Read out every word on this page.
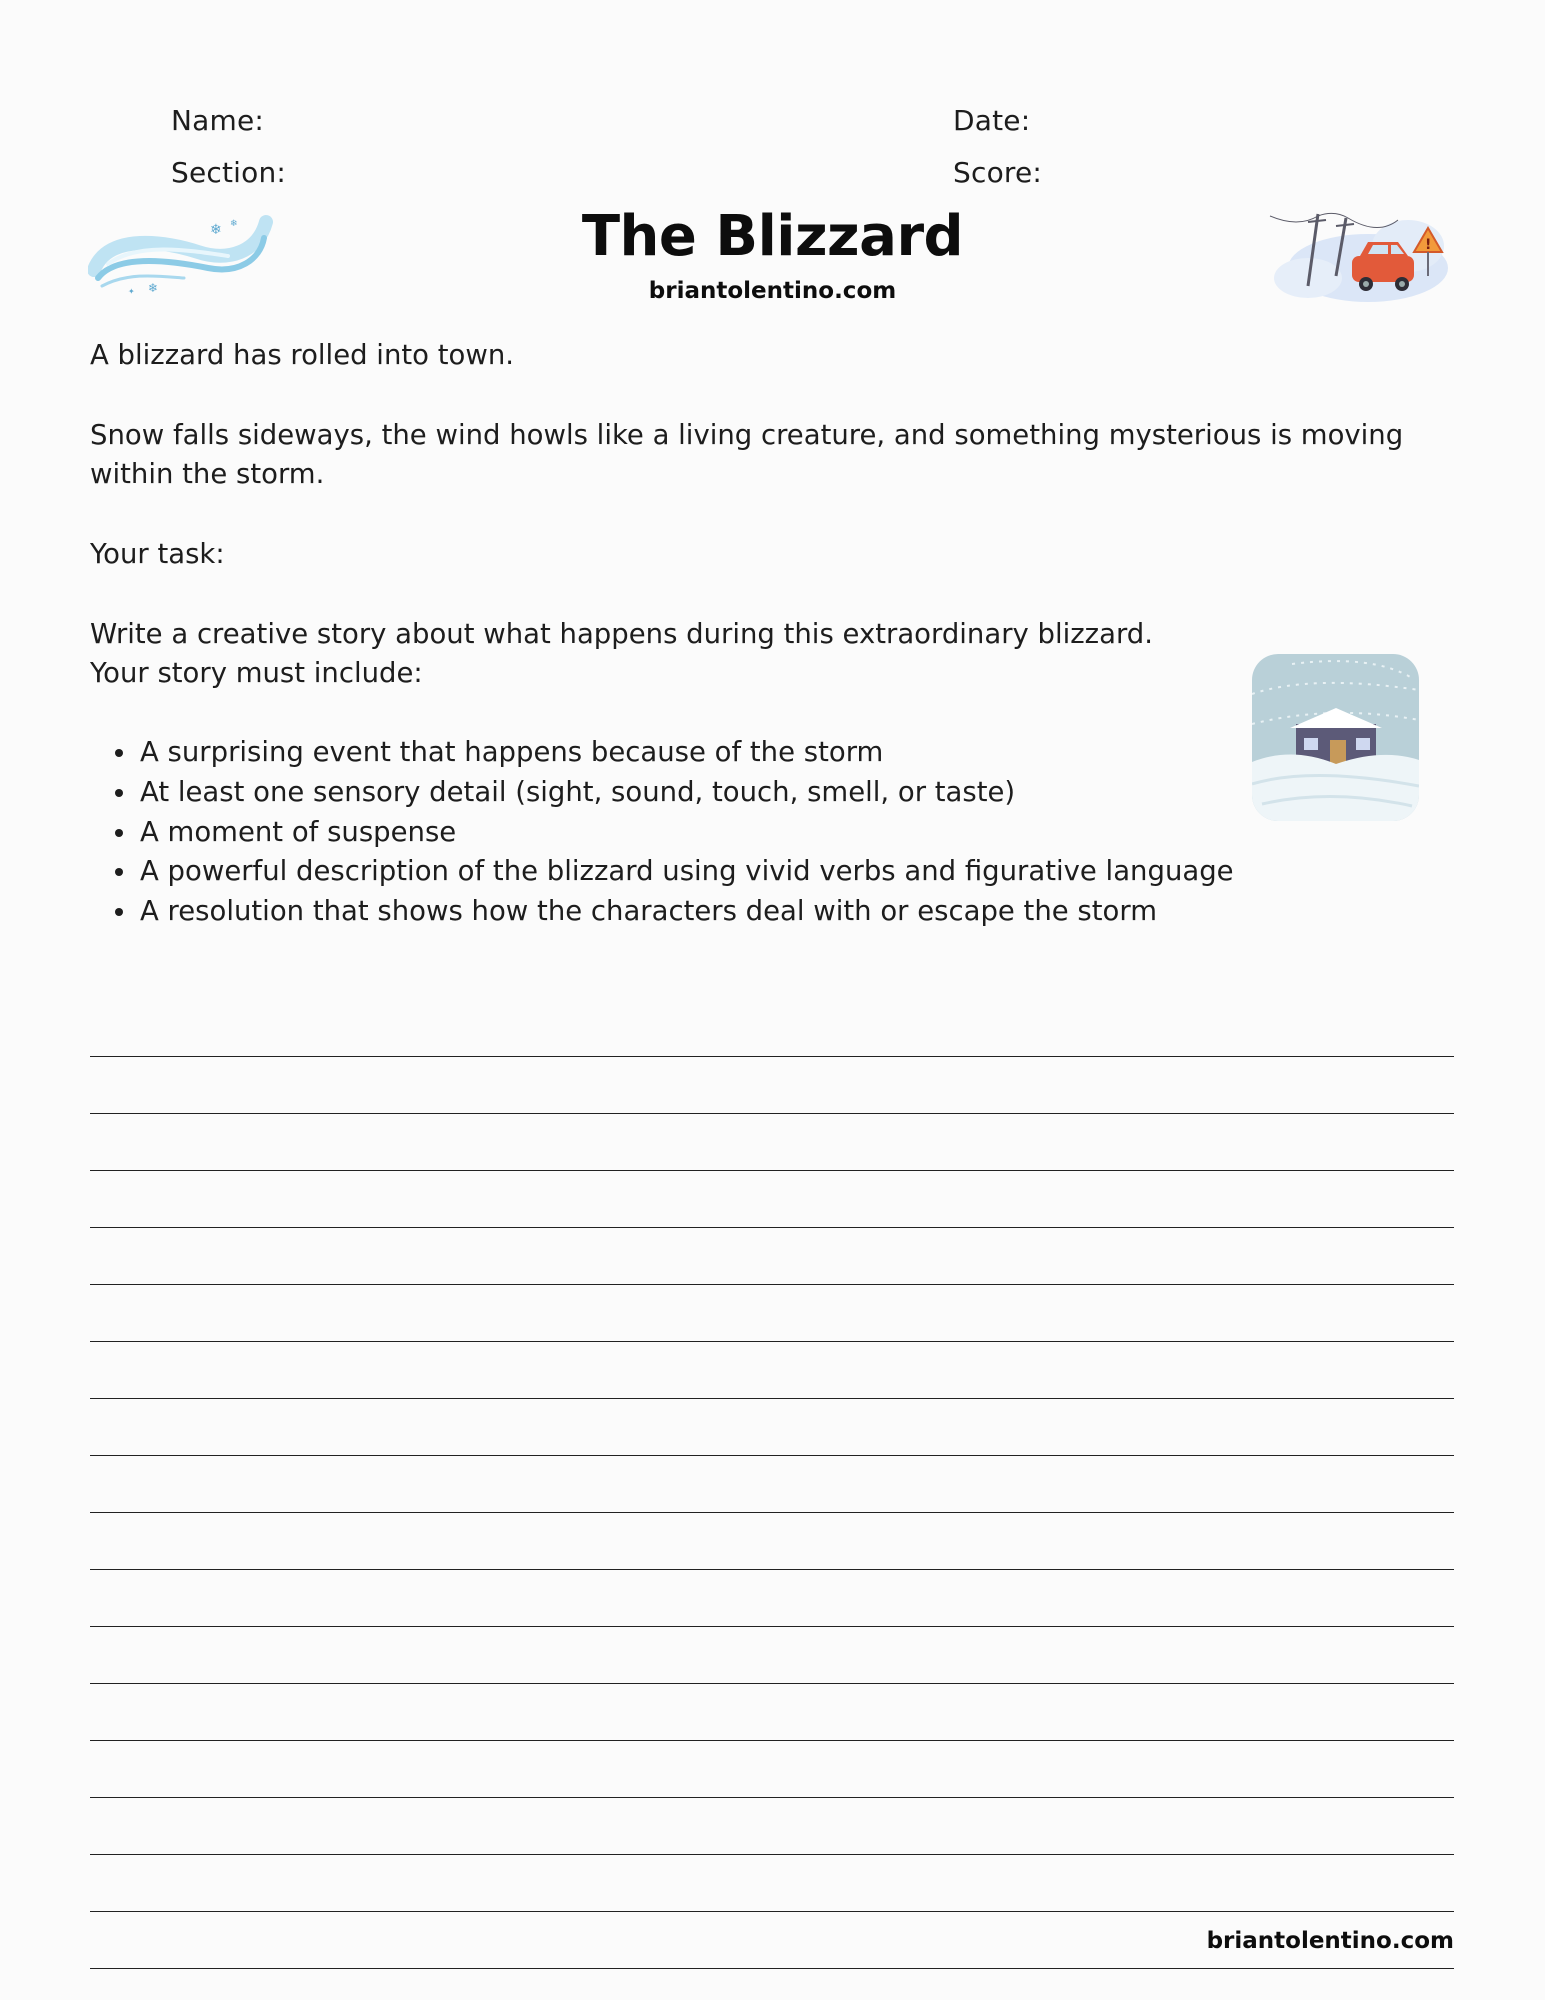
Name:
Section:
Date:
Score:
❄ ❄
❄
✦
The Blizzard
briantolentino.com
!
A blizzard has rolled into town.
Snow falls sideways, the wind howls like a living creature, and something mysterious is moving within the storm.
Your task:
Write a creative story about what happens during this extraordinary blizzard. Your story must include:
• A surprising event that happens because of the storm
• At least one sensory detail (sight, sound, touch, smell, or taste)
• A moment of suspense
• A powerful description of the blizzard using vivid verbs and figurative language
• A resolution that shows how the characters deal with or escape the storm
briantolentino.com
